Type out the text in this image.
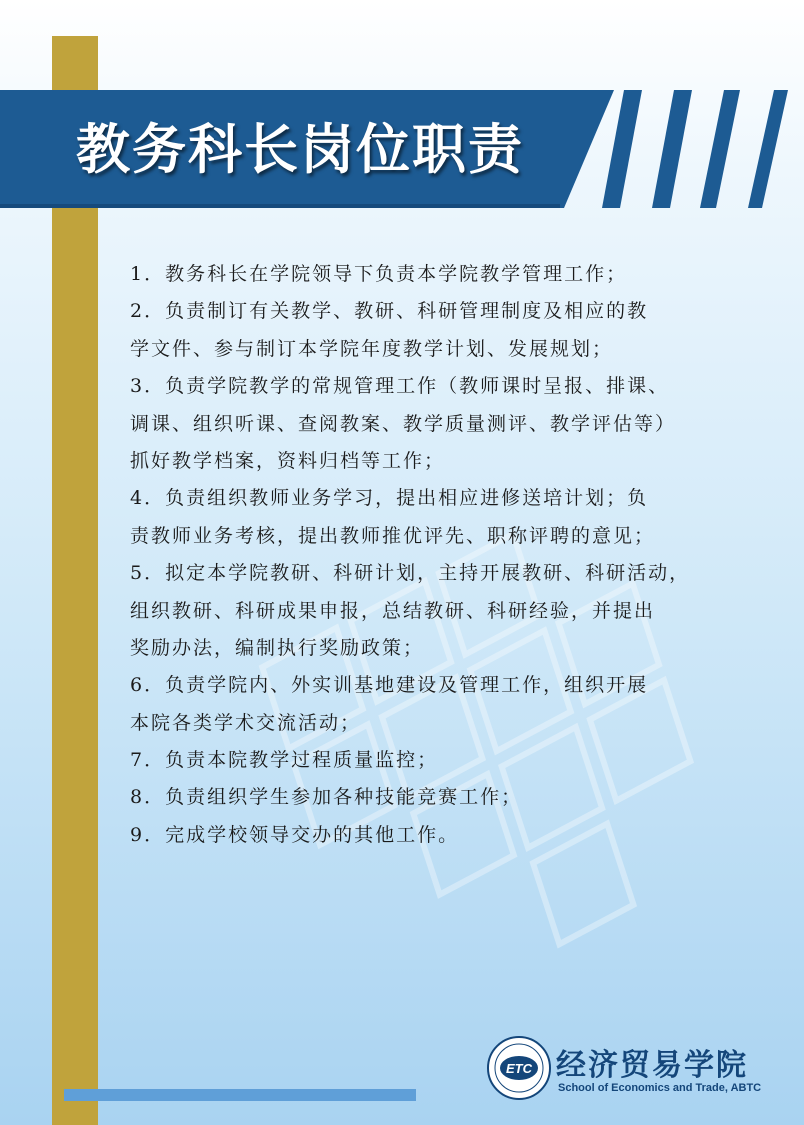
教务科长岗位职责

1．教务科长在学院领导下负责本学院教学管理工作；

2．负责制订有关教学、教研、科研管理制度及相应的教

学文件、参与制订本学院年度教学计划、发展规划；

3．负责学院教学的常规管理工作（教师课时呈报、排课、

调课、组织听课、查阅教案、教学质量测评、教学评估等）

抓好教学档案，资料归档等工作；

4．负责组织教师业务学习，提出相应进修送培计划；负

责教师业务考核，提出教师推优评先、职称评聘的意见；

5．拟定本学院教研、科研计划，主持开展教研、科研活动，

组织教研、科研成果申报，总结教研、科研经验，并提出

奖励办法，编制执行奖励政策；

6．负责学院内、外实训基地建设及管理工作，组织开展

本院各类学术交流活动；

7．负责本院教学过程质量监控；

8．负责组织学生参加各种技能竞赛工作；

9．完成学校领导交办的其他工作。

ETC 经济贸易学院

School of Economics and Trade, ABTC
